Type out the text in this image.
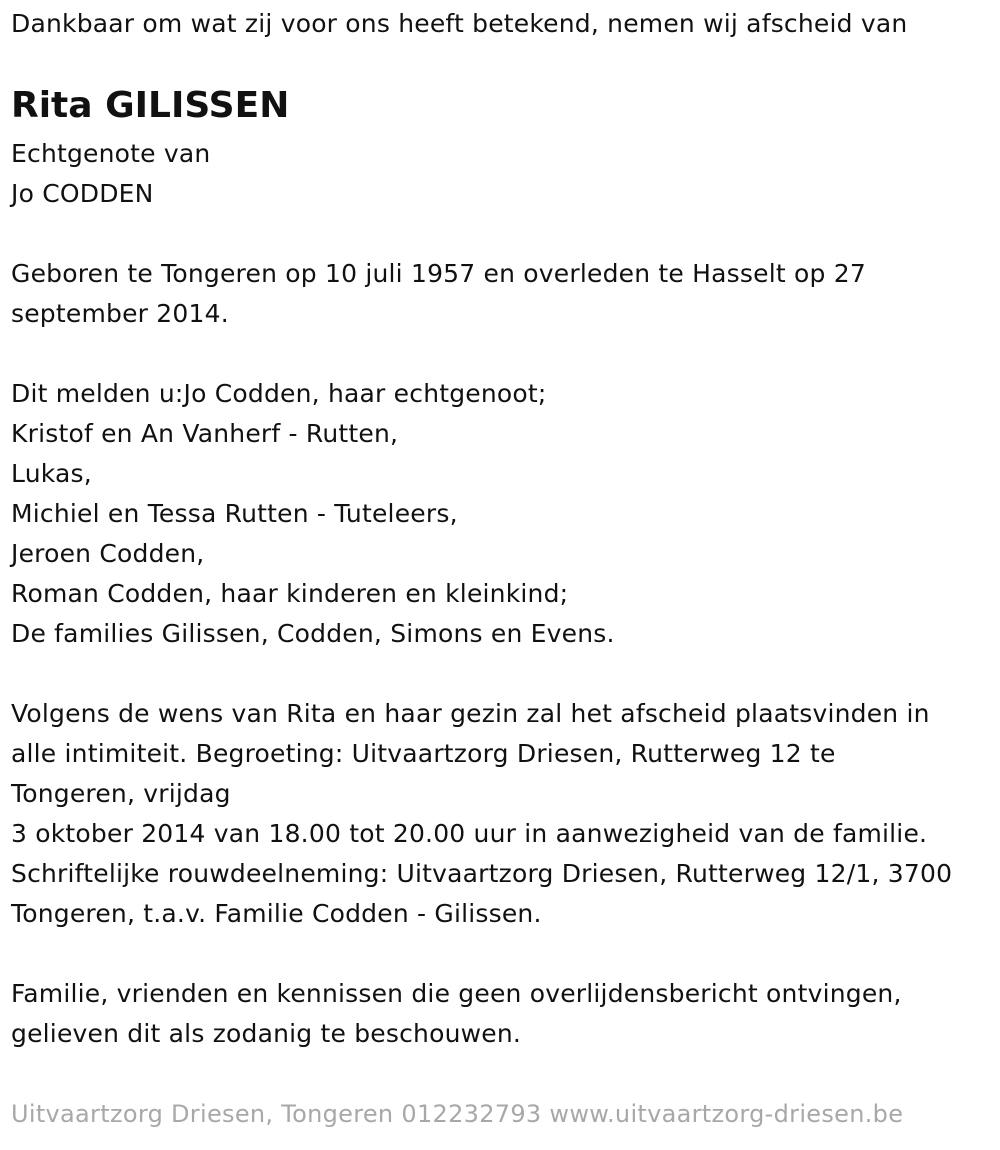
Dankbaar om wat zij voor ons heeft betekend, nemen wij afscheid van
Rita GILISSEN
Echtgenote van
Jo CODDEN
Geboren te Tongeren op 10 juli 1957 en overleden te Hasselt op 27
september 2014.
Dit melden u:Jo Codden, haar echtgenoot;
Kristof en An Vanherf - Rutten,
Lukas,
Michiel en Tessa Rutten - Tuteleers,
Jeroen Codden,
Roman Codden, haar kinderen en kleinkind;
De families Gilissen, Codden, Simons en Evens.
Volgens de wens van Rita en haar gezin zal het afscheid plaatsvinden in
alle intimiteit. Begroeting: Uitvaartzorg Driesen, Rutterweg 12 te
Tongeren, vrijdag
3 oktober 2014 van 18.00 tot 20.00 uur in aanwezigheid van de familie.
Schriftelijke rouwdeelneming: Uitvaartzorg Driesen, Rutterweg 12/1, 3700
Tongeren, t.a.v. Familie Codden - Gilissen.
Familie, vrienden en kennissen die geen overlijdensbericht ontvingen,
gelieven dit als zodanig te beschouwen.
Uitvaartzorg Driesen, Tongeren 012232793 www.uitvaartzorg-driesen.be
